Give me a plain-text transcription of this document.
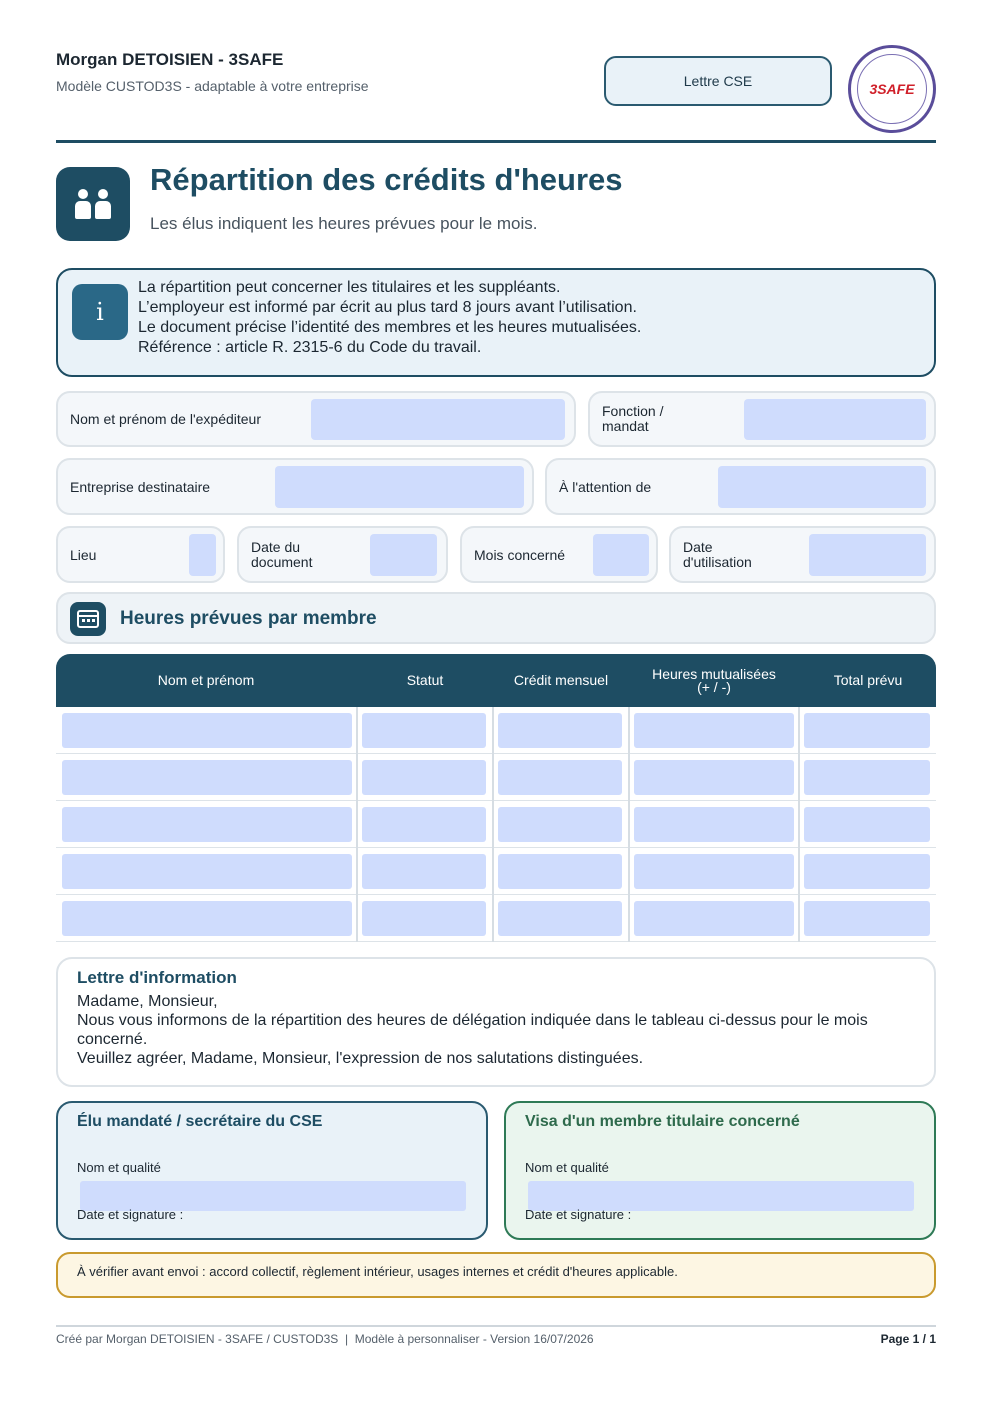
Morgan DETOISIEN - 3SAFE
Modèle CUSTOD3S - adaptable à votre entreprise	Lettre CSE	3SAFE
Répartition des crédits d'heures
Les élus indiquent les heures prévues pour le mois.
i
La répartition peut concerner les titulaires et les suppléants.
L’employeur est informé par écrit au plus tard 8 jours avant l’utilisation.
Le document précise l’identité des membres et les heures mutualisées.
Référence : article R. 2315-6 du Code du travail.
Nom et prénom de l'expéditeur	Fonction /
mandat
Entreprise destinataire	À l'attention de
Lieu	Date du
document	Mois concerné	Date
d'utilisation
Heures prévues par membre
Nom et prénom	Statut	Crédit mensuel	Heures mutualisées
(+ / -)	Total prévu
Lettre d'information
Madame, Monsieur,
Nous vous informons de la répartition des heures de délégation indiquée dans le tableau ci-dessus pour le mois concerné.
Veuillez agréer, Madame, Monsieur, l'expression de nos salutations distinguées.
Élu mandaté / secrétaire du CSE
Nom et qualité
Date et signature :
Visa d'un membre titulaire concerné
Nom et qualité
Date et signature :
À vérifier avant envoi : accord collectif, règlement intérieur, usages internes et crédit d'heures applicable.
Créé par Morgan DETOISIEN - 3SAFE / CUSTOD3S  |  Modèle à personnaliser - Version 16/07/2026	Page 1 / 1
